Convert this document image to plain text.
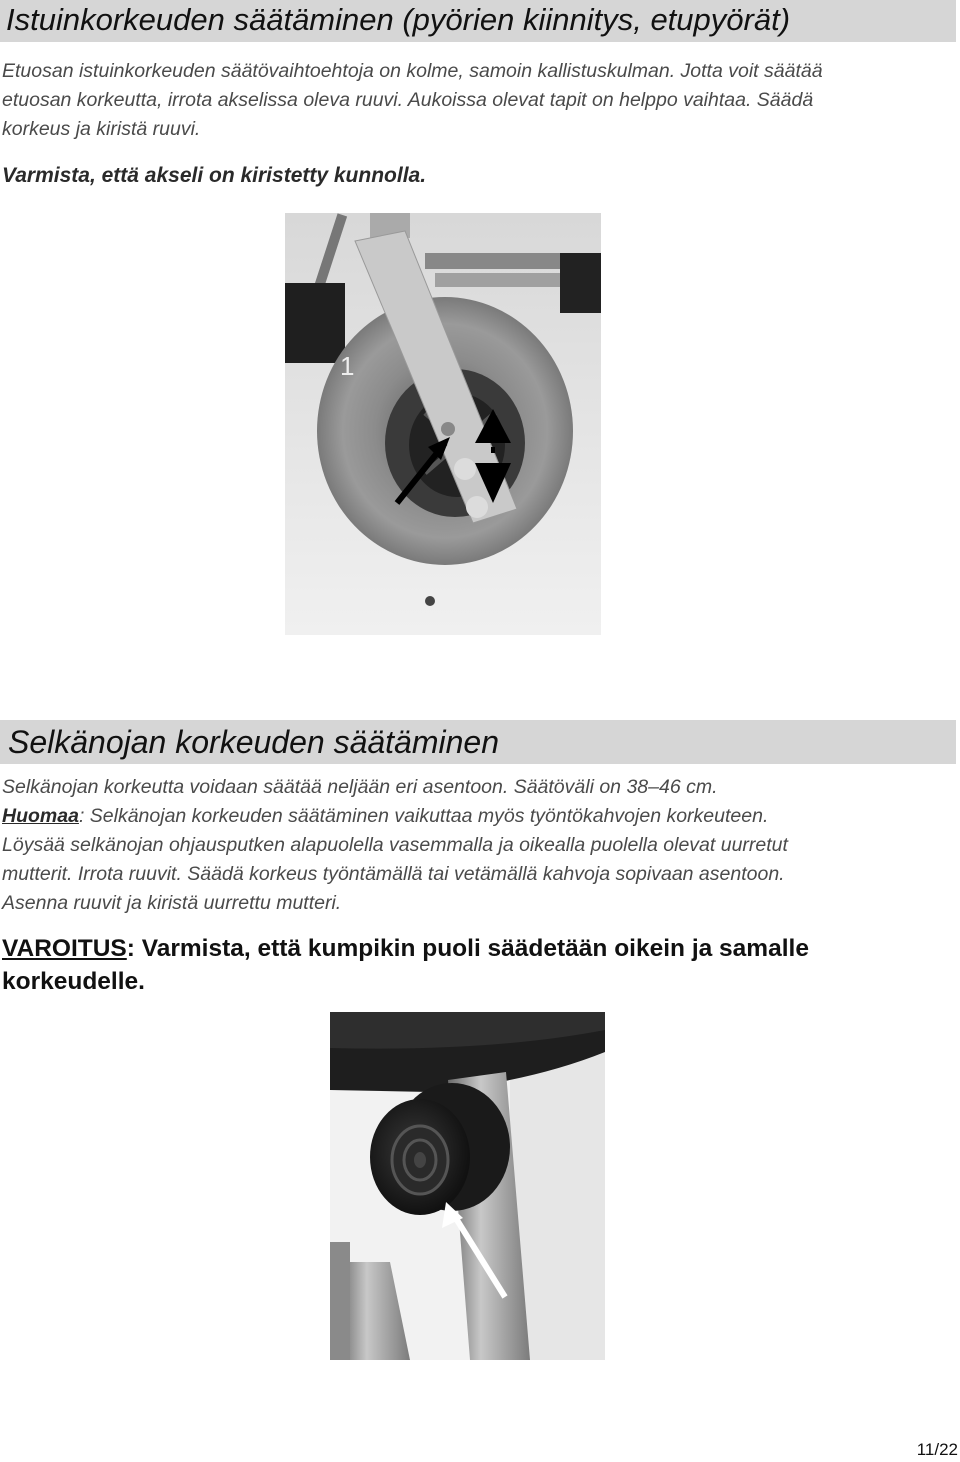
Istuinkorkeuden säätäminen (pyörien kiinnitys, etupyörät)

Etuosan istuinkorkeuden säätövaihtoehtoja on kolme, samoin kallistuskulman. Jotta voit säätää

etuosan korkeutta, irrota akselissa oleva ruuvi. Aukoissa olevat tapit on helppo vaihtaa. Säädä

korkeus ja kiristä ruuvi.

Varmista, että akseli on kiristetty kunnolla.
1
Selkänojan korkeuden säätäminen

Selkänojan korkeutta voidaan säätää neljään eri asentoon. Säätöväli on 38–46 cm.

Huomaa: Selkänojan korkeuden säätäminen vaikuttaa myös työntökahvojen korkeuteen.

Löysää selkänojan ohjausputken alapuolella vasemmalla ja oikealla puolella olevat uurretut

mutterit. Irrota ruuvit. Säädä korkeus työntämällä tai vetämällä kahvoja sopivaan asentoon.

Asenna ruuvit ja kiristä uurrettu mutteri.

VAROITUS: Varmista, että kumpikin puoli säädetään oikein ja samalle

korkeudelle.

11/22
